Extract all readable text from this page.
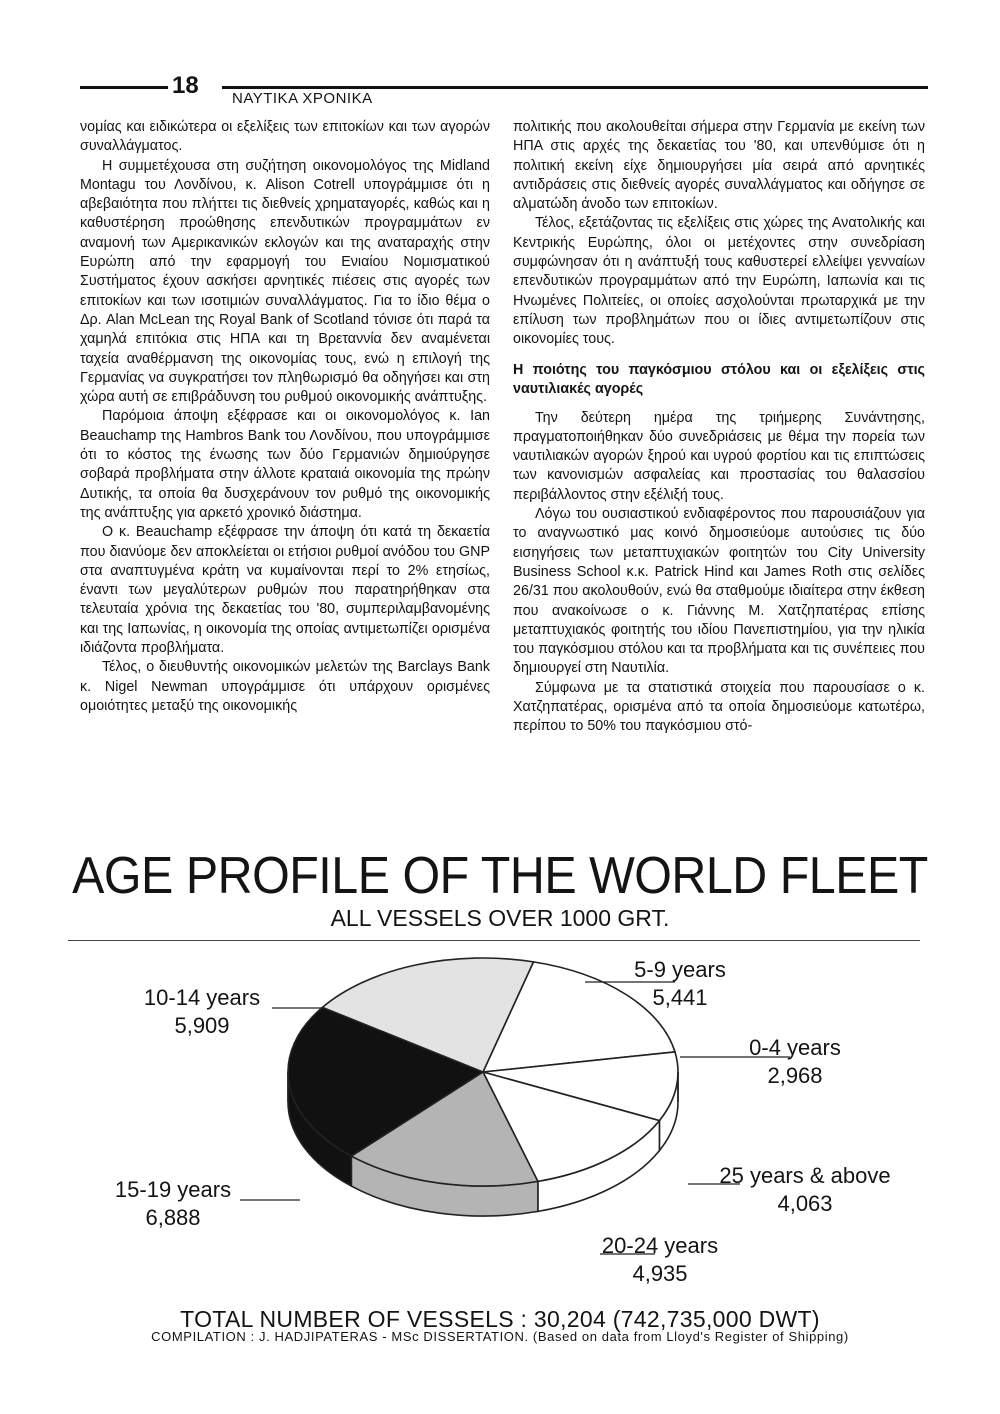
18 ΝΑΥΤΙΚΑ ΧΡΟΝΙΚΑ

νομίας και ειδικώτερα οι εξελίξεις των επιτοκίων και των αγορών συναλλάγματος.

Η συμμετέχουσα στη συζήτηση οικονομολόγος της Midland Montagu του Λονδίνου, κ. Alison Cotrell υπογράμμισε ότι η αβεβαιότητα που πλήττει τις διεθνείς χρηματαγορές, καθώς και η καθυστέρηση προώθησης επενδυτικών προγραμμάτων εν αναμονή των Αμερικανικών εκλογών και της αναταραχής στην Ευρώπη από την εφαρμογή του Ενιαίου Νομισματικού Συστήματος έχουν ασκήσει αρνητικές πιέσεις στις αγορές των επιτοκίων και των ισοτιμιών συναλλάγματος. Για το ίδιο θέμα ο Δρ. Alan McLean της Royal Bank of Scotland τόνισε ότι παρά τα χαμηλά επιτόκια στις ΗΠΑ και τη Βρεταννία δεν αναμένεται ταχεία αναθέρμανση της οικονομίας τους, ενώ η επιλογή της Γερμανίας να συγκρατήσει τον πληθωρισμό θα οδηγήσει και στη χώρα αυτή σε επιβράδυνση του ρυθμού οικονομικής ανάπτυξης.

Παρόμοια άποψη εξέφρασε και οι οικονομολόγος κ. Ian Beauchamp της Hambros Bank του Λονδίνου, που υπογράμμισε ότι το κόστος της ένωσης των δύο Γερμανιών δημιούργησε σοβαρά προβλήματα στην άλλοτε κραταιά οικονομία της πρώην Δυτικής, τα οποία θα δυσχεράνουν τον ρυθμό της οικονομικής της ανάπτυξης για αρκετό χρονικό διάστημα.

Ο κ. Beauchamp εξέφρασε την άποψη ότι κατά τη δεκαετία που διανύομε δεν αποκλείεται οι ετήσιοι ρυθμοί ανόδου του GNP στα αναπτυγμένα κράτη να κυμαίνονται περί το 2% ετησίως, έναντι των μεγαλύτερων ρυθμών που παρατηρήθηκαν στα τελευταία χρόνια της δεκαετίας του '80, συμπεριλαμβανομένης και της Ιαπωνίας, η οικονομία της οποίας αντιμετωπίζει ορισμένα ιδιάζοντα προβλήματα.

Τέλος, ο διευθυντής οικονομικών μελετών της Barclays Bank κ. Nigel Newman υπογράμμισε ότι υπάρχουν ορισμένες ομοιότητες μεταξύ της οικονομικής

πολιτικής που ακολουθείται σήμερα στην Γερμανία με εκείνη των ΗΠΑ στις αρχές της δεκαετίας του '80, και υπενθύμισε ότι η πολιτική εκείνη είχε δημιουργήσει μία σειρά από αρνητικές αντιδράσεις στις διεθνείς αγορές συναλλάγματος και οδήγησε σε αλματώδη άνοδο των επιτοκίων.

Τέλος, εξετάζοντας τις εξελίξεις στις χώρες της Ανατολικής και Κεντρικής Ευρώπης, όλοι οι μετέχοντες στην συνεδρίαση συμφώνησαν ότι η ανάπτυξή τους καθυστερεί ελλείψει γενναίων επενδυτικών προγραμμάτων από την Ευρώπη, Ιαπωνία και τις Ηνωμένες Πολιτείες, οι οποίες ασχολούνται πρωταρχικά με την επίλυση των προβλημάτων που οι ίδιες αντιμετωπίζουν στις οικονομίες τους.

Η ποιότης του παγκόσμιου στόλου και οι εξελίξεις στις ναυτιλιακές αγορές

Την δεύτερη ημέρα της τριήμερης Συνάντησης, πραγματοποιήθηκαν δύο συνεδριάσεις με θέμα την πορεία των ναυτιλιακών αγορών ξηρού και υγρού φορτίου και τις επιπτώσεις των κανονισμών ασφαλείας και προστασίας του θαλασσίου περιβάλλοντος στην εξέλιξή τους.

Λόγω του ουσιαστικού ενδιαφέροντος που παρουσιάζουν για το αναγνωστικό μας κοινό δημοσιεύομε αυτούσιες τις δύο εισηγήσεις των μεταπτυχιακών φοιτητών του City University Business School κ.κ. Patrick Hind και James Roth στις σελίδες 26/31 που ακολουθούν, ενώ θα σταθμούμε ιδιαίτερα στην έκθεση που ανακοίνωσε ο κ. Γιάννης Μ. Χατζηπατέρας επίσης μεταπτυχιακός φοιτητής του ιδίου Πανεπιστημίου, για την ηλικία του παγκόσμιου στόλου και τα προβλήματα και τις συνέπειες που δημιουργεί στη Ναυτιλία.

Σύμφωνα με τα στατιστικά στοιχεία που παρουσίασε ο κ. Χατζηπατέρας, ορισμένα από τα οποία δημοσιεύομε κατωτέρω, περίπου το 50% του παγκόσμιου στό-

AGE PROFILE OF THE WORLD FLEET
ALL VESSELS OVER 1000 GRT.
5-9 years
5,441
0-4 years
2,968
25 years & above
4,063
20-24 years
4,935
15-19 years
6,888
10-14 years
5,909
TOTAL NUMBER OF VESSELS : 30,204 (742,735,000 DWT)
COMPILATION : J. HADJIPATERAS - MSc DISSERTATION. (Based on data from Lloyd's Register of Shipping)
